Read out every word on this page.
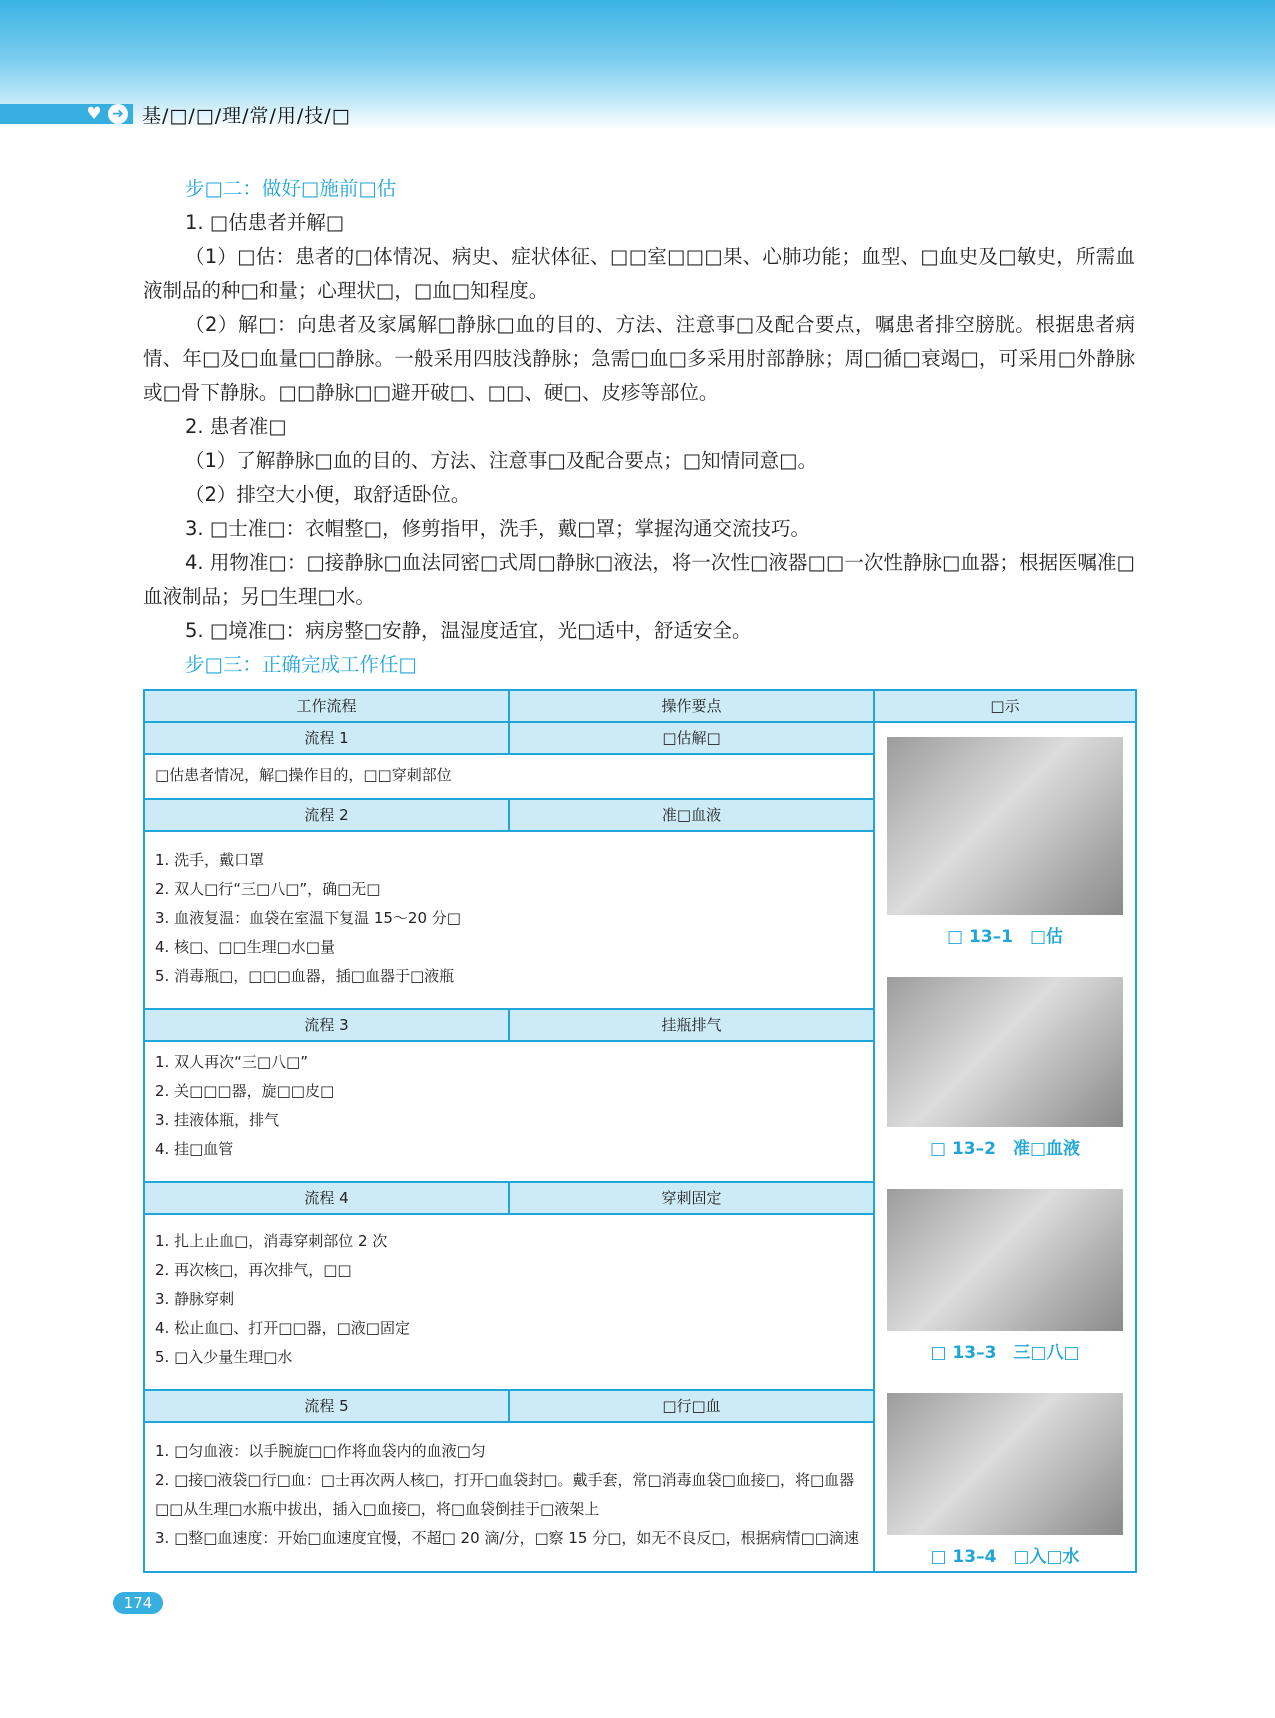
♥ ➜ 基/□/□/理/常/用/技/□

步□二：做好□施前□估

1. □估患者并解□

（1）□估：患者的□体情况、病史、症状体征、□□室□□□果、心肺功能；血型、□血史及□敏史，所需血液制品的种□和量；心理状□，□血□知程度。

（2）解□：向患者及家属解□静脉□血的目的、方法、注意事□及配合要点，嘱患者排空膀胱。根据患者病情、年□及□血量□□静脉。一般采用四肢浅静脉；急需□血□多采用肘部静脉；周□循□衰竭□，可采用□外静脉或□骨下静脉。□□静脉□□避开破□、□□、硬□、皮疹等部位。

2. 患者准□

（1）了解静脉□血的目的、方法、注意事□及配合要点；□知情同意□。

（2）排空大小便，取舒适卧位。

3. □士准□：衣帽整□，修剪指甲，洗手，戴□罩；掌握沟通交流技巧。

4. 用物准□：□接静脉□血法同密□式周□静脉□液法，将一次性□液器□□一次性静脉□血器；根据医嘱准□血液制品；另□生理□水。

5. □境准□：病房整□安静，温湿度适宜，光□适中，舒适安全。

步□三：正确完成工作任□

工作流程	操作要点	□示
流程 1	□估解□	□ 13–1　□估
□ 13–2　准□血液
□ 13–3　三□八□
□ 13–4　□入□水

□估患者情况，解□操作目的，□□穿刺部位		

流程 2	准□血液	

1. 洗手，戴口罩
2. 双人□行“三□八□”，确□无□
3. 血液复温：血袋在室温下复温 15～20 分□
4. 核□、□□生理□水□量
5. 消毒瓶□，□□□血器，插□血器于□液瓶		

流程 3	挂瓶排气	

1. 双人再次“三□八□”
2. 关□□□器，旋□□皮□
3. 挂液体瓶，排气
4. 挂□血管		

流程 4	穿刺固定	

1. 扎上止血□，消毒穿刺部位 2 次
2. 再次核□，再次排气，□□
3. 静脉穿刺
4. 松止血□、打开□□器，□液□固定
5. □入少量生理□水		

流程 5	□行□血	

1. □匀血液：以手腕旋□□作将血袋内的血液□匀
2. □接□液袋□行□血：□士再次两人核□，打开□血袋封□。戴手套，常□消毒血袋□血接□，将□血器□□从生理□水瓶中拔出，插入□血接□，将□血袋倒挂于□液架上
3. □整□血速度：开始□血速度宜慢，不超□ 20 滴/分，□察 15 分□，如无不良反□，根据病情□□滴速		
174
